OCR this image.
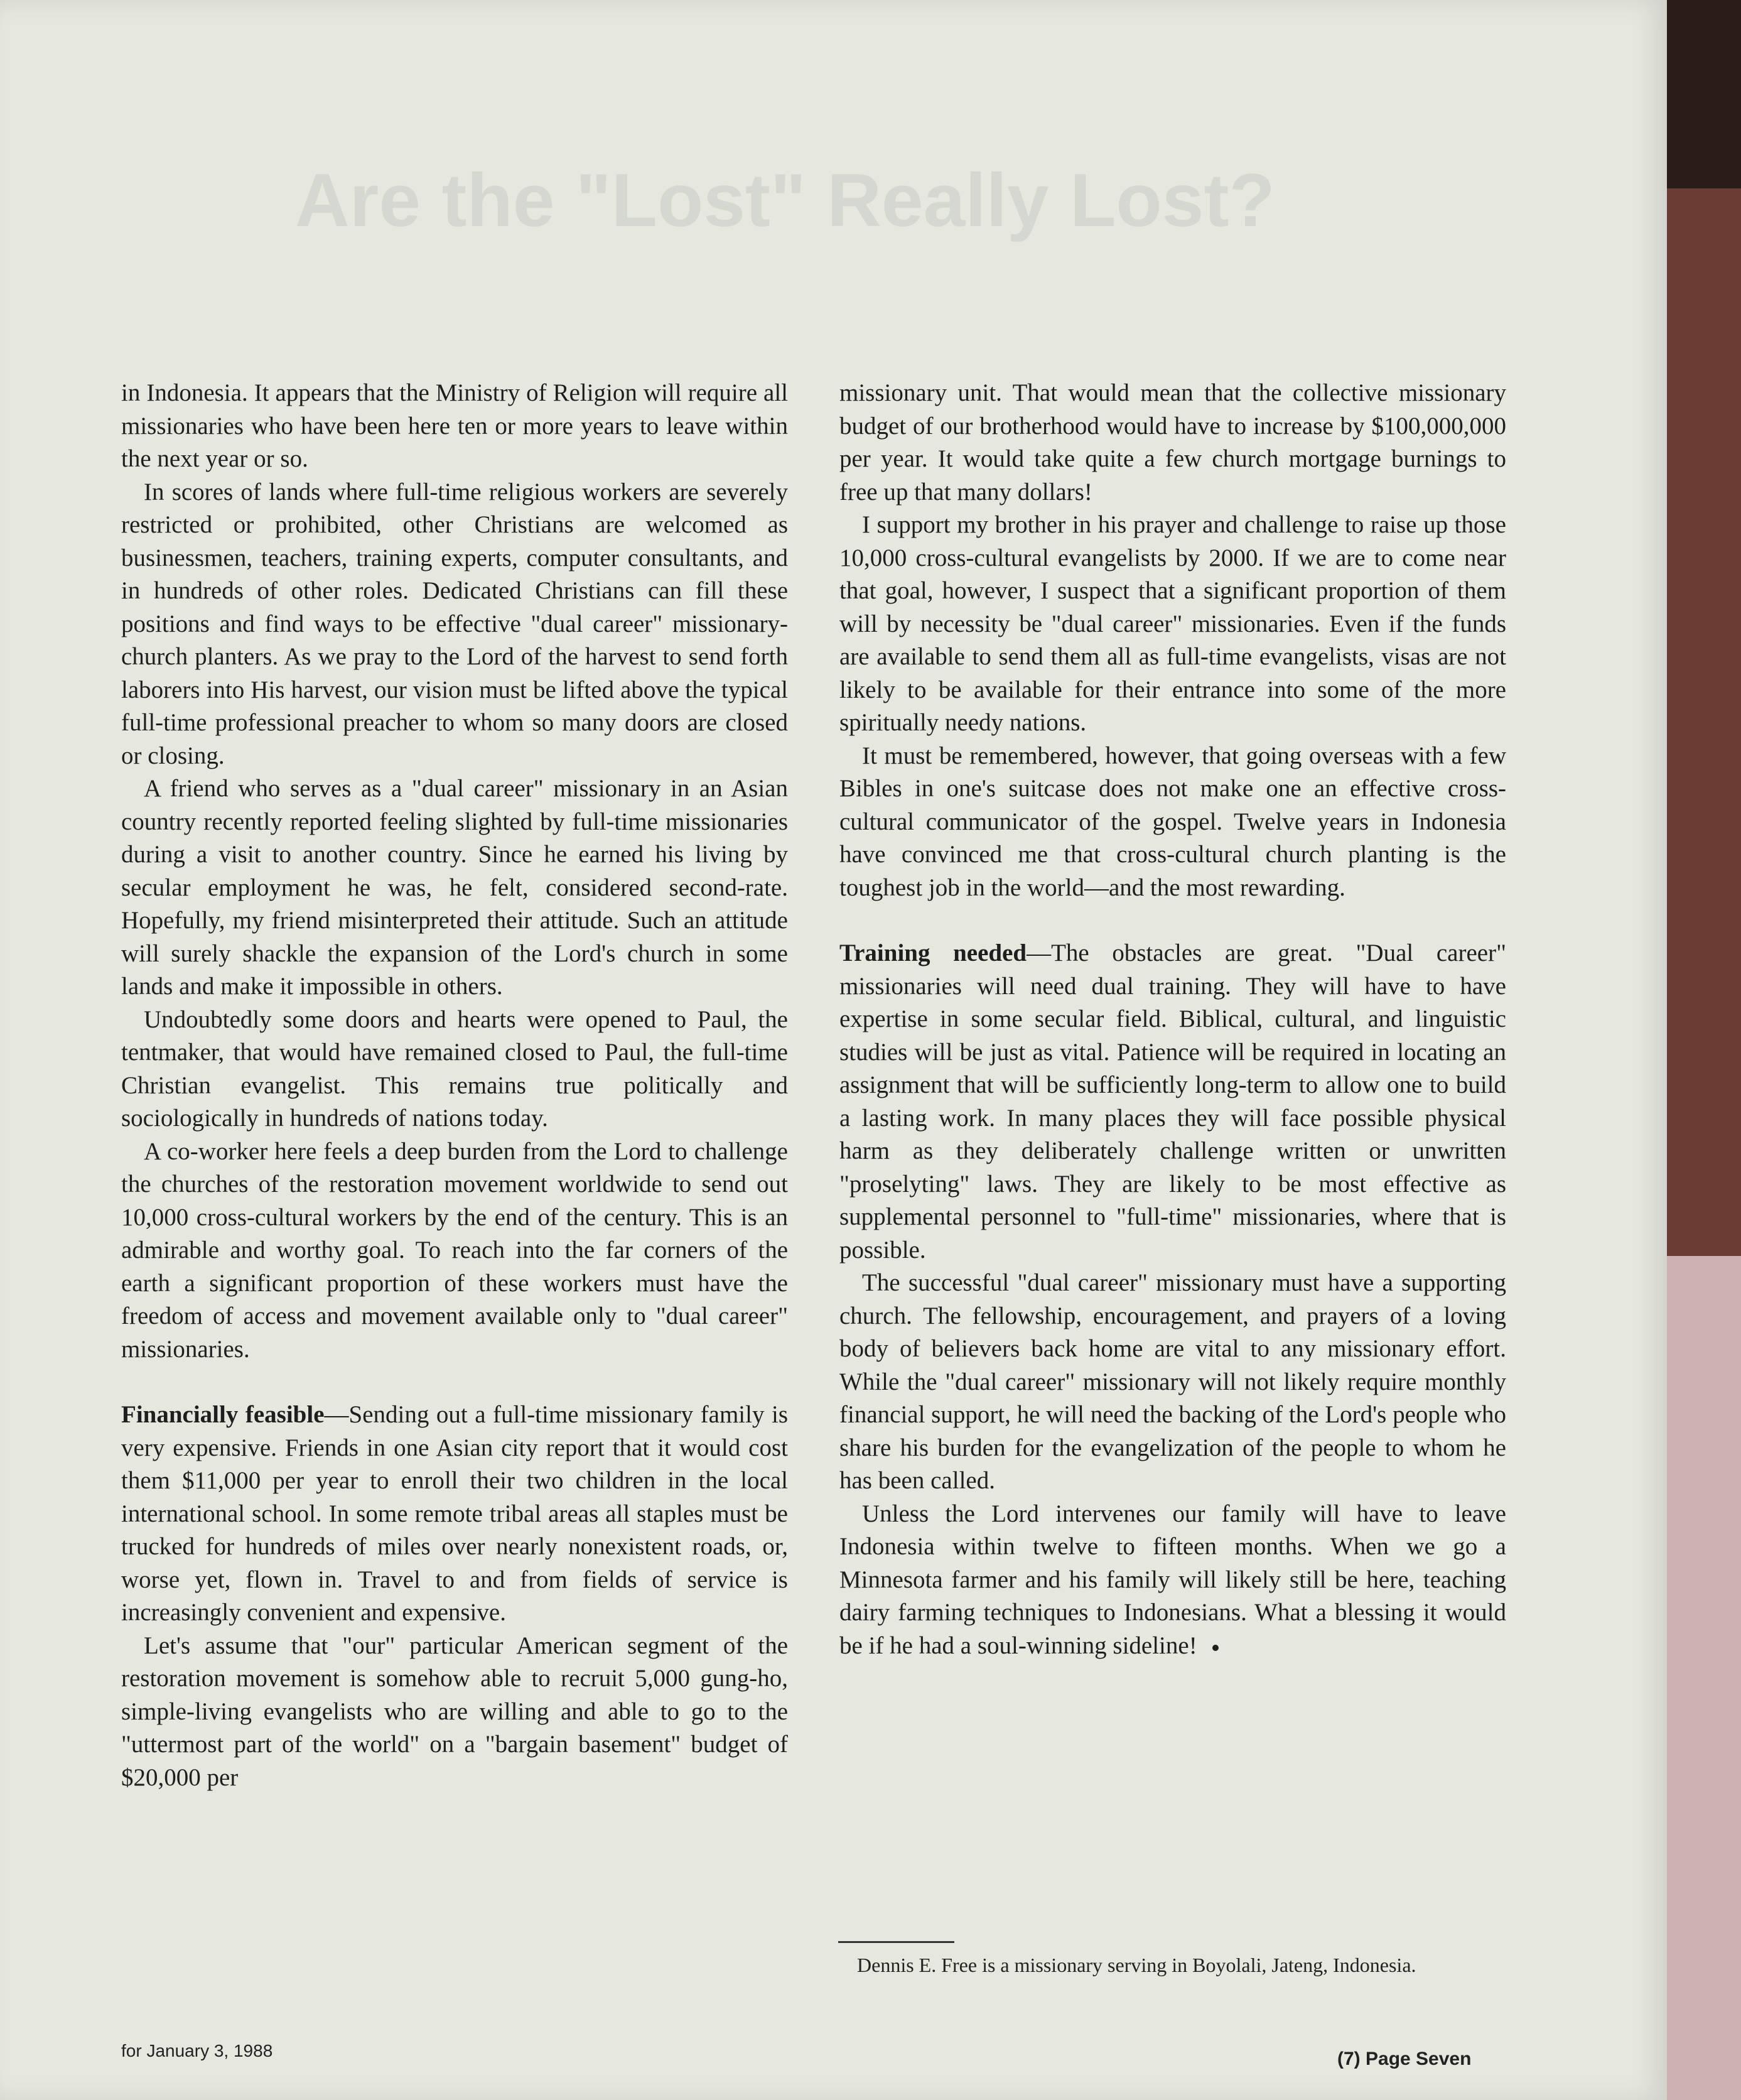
Are the "Lost" Really Lost?

in Indonesia. It appears that the Ministry of Religion will require all missionaries who have been here ten or more years to leave within the next year or so.

In scores of lands where full-time religious workers are severely restricted or prohibited, other Christians are welcomed as businessmen, teachers, training experts, computer consultants, and in hundreds of other roles. Dedicated Christians can fill these positions and find ways to be effective "dual career" missionary-church planters. As we pray to the Lord of the harvest to send forth laborers into His harvest, our vision must be lifted above the typical full-time professional preacher to whom so many doors are closed or closing.

A friend who serves as a "dual career" missionary in an Asian country recently reported feeling slighted by full-time missionaries during a visit to another country. Since he earned his living by secular employment he was, he felt, considered second-rate. Hopefully, my friend misinterpreted their attitude. Such an attitude will surely shackle the expansion of the Lord's church in some lands and make it impossible in others.

Undoubtedly some doors and hearts were opened to Paul, the tentmaker, that would have remained closed to Paul, the full-time Christian evangelist. This remains true politically and sociologically in hundreds of nations today.

A co-worker here feels a deep burden from the Lord to challenge the churches of the restoration movement worldwide to send out 10,000 cross-cultural workers by the end of the century. This is an admirable and worthy goal. To reach into the far corners of the earth a significant proportion of these workers must have the freedom of access and movement available only to "dual career" missionaries.

Financially feasible—Sending out a full-time missionary family is very expensive. Friends in one Asian city report that it would cost them $11,000 per year to enroll their two children in the local international school. In some remote tribal areas all staples must be trucked for hundreds of miles over nearly nonexistent roads, or, worse yet, flown in. Travel to and from fields of service is increasingly convenient and expensive.

Let's assume that "our" particular American segment of the restoration movement is somehow able to recruit 5,000 gung-ho, simple-living evangelists who are willing and able to go to the "uttermost part of the world" on a "bargain basement" budget of $20,000 per

missionary unit. That would mean that the collective missionary budget of our brotherhood would have to increase by $100,000,000 per year. It would take quite a few church mortgage burnings to free up that many dollars!

I support my brother in his prayer and challenge to raise up those 10,000 cross-cultural evangelists by 2000. If we are to come near that goal, however, I suspect that a significant proportion of them will by necessity be "dual career" missionaries. Even if the funds are available to send them all as full-time evangelists, visas are not likely to be available for their entrance into some of the more spiritually needy nations.

It must be remembered, however, that going overseas with a few Bibles in one's suitcase does not make one an effective cross-cultural communicator of the gospel. Twelve years in Indonesia have convinced me that cross-cultural church planting is the toughest job in the world—and the most rewarding.

Training needed—The obstacles are great. "Dual career" missionaries will need dual training. They will have to have expertise in some secular field. Biblical, cultural, and linguistic studies will be just as vital. Patience will be required in locating an assignment that will be sufficiently long-term to allow one to build a lasting work. In many places they will face possible physical harm as they deliberately challenge written or unwritten "proselyting" laws. They are likely to be most effective as supplemental personnel to "full-time" missionaries, where that is possible.

The successful "dual career" missionary must have a supporting church. The fellowship, encouragement, and prayers of a loving body of believers back home are vital to any missionary effort. While the "dual career" missionary will not likely require monthly financial support, he will need the backing of the Lord's people who share his burden for the evangelization of the people to whom he has been called.

Unless the Lord intervenes our family will have to leave Indonesia within twelve to fifteen months. When we go a Minnesota farmer and his family will likely still be here, teaching dairy farming techniques to Indonesians. What a blessing it would be if he had a soul-winning sideline!

Dennis E. Free is a missionary serving in Boyolali, Jateng, Indonesia.
for January 3, 1988	(7) Page Seven
